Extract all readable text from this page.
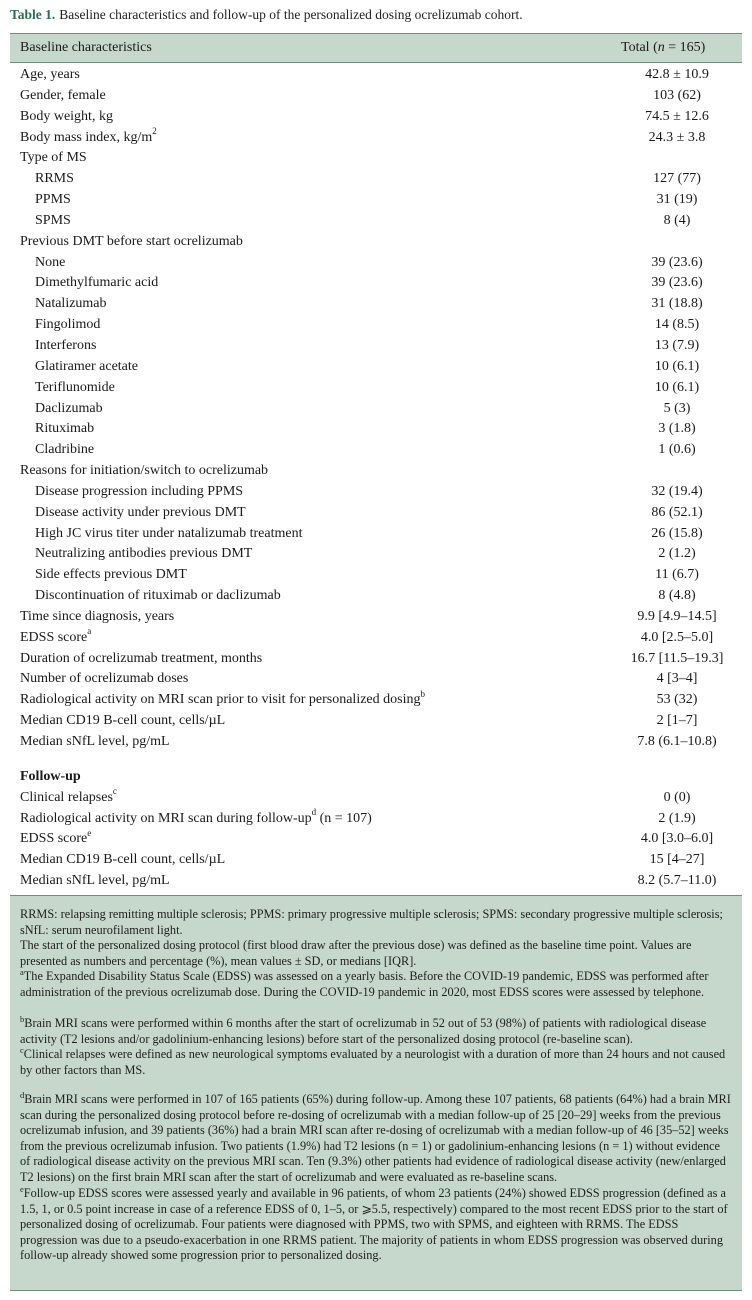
Table 1. Baseline characteristics and follow-up of the personalized dosing ocrelizumab cohort.
Baseline characteristics	Total (n = 165)
Age, years	42.8 ± 10.9
Gender, female	103 (62)
Body weight, kg	74.5 ± 12.6
Body mass index, $kg/m^2$	24.3 ± 3.8
Type of MS
RRMS	127 (77)
PPMS	31 (19)
SPMS	8 (4)
Previous DMT before start ocrelizumab
None	39 (23.6)
Dimethylfumaric acid	39 (23.6)
Natalizumab	31 (18.8)
Fingolimod	14 (8.5)
Interferons	13 (7.9)
Glatiramer acetate	10 (6.1)
Teriflunomide	10 (6.1)
Daclizumab	5 (3)
Rituximab	3 (1.8)
Cladribine	1 (0.6)
Reasons for initiation/switch to ocrelizumab
Disease progression including PPMS	32 (19.4)
Disease activity under previous DMT	86 (52.1)
High JC virus titer under natalizumab treatment	26 (15.8)
Neutralizing antibodies previous DMT	2 (1.2)
Side effects previous DMT	11 (6.7)
Discontinuation of rituximab or daclizumab	8 (4.8)
Time since diagnosis, years	9.9 [4.9–14.5]
EDSS score$^a$	4.0 [2.5–5.0]
Duration of ocrelizumab treatment, months	16.7 [11.5–19.3]
Number of ocrelizumab doses	4 [3–4]
Radiological activity on MRI scan prior to visit for personalized dosing$^b$	53 (32)
Median CD19 B-cell count, cells/µL	2 [1–7]
Median sNfL level, pg/mL	7.8 (6.1–10.8)
Follow-up
Clinical relapses$^c$	0 (0)
Radiological activity on MRI scan during follow-$up^d$ (n = 107)	2 (1.9)
EDSS score$^e$	4.0 [3.0–6.0]
Median CD19 B-cell count, cells/µL	15 [4–27]
Median sNfL level, pg/mL	8.2 (5.7–11.0)
RRMS: relapsing remitting multiple sclerosis; PPMS: primary progressive multiple sclerosis; SPMS: secondary progressive multiple sclerosis; sNfL: serum neurofilament light.
The start of the personalized dosing protocol (first blood draw after the previous dose) was defined as the baseline time point. Values are presented as numbers and percentage (%), mean values ± SD, or medians [IQR].
$^a$The Expanded Disability Status Scale (EDSS) was assessed on a yearly basis. Before the COVID-19 pandemic, EDSS was performed after administration of the previous ocrelizumab dose. During the COVID-19 pandemic in 2020, most EDSS scores were assessed by telephone.
$^b$Brain MRI scans were performed within 6 months after the start of ocrelizumab in 52 out of 53 (98%) of patients with radiological disease activity (T2 lesions and/or gadolinium-enhancing lesions) before start of the personalized dosing protocol (re-baseline scan).
$^c$Clinical relapses were defined as new neurological symptoms evaluated by a neurologist with a duration of more than 24 hours and not caused by other factors than MS.
$^d$Brain MRI scans were performed in 107 of 165 patients (65%) during follow-up. Among these 107 patients, 68 patients (64%) had a brain MRI scan during the personalized dosing protocol before re-dosing of ocrelizumab with a median follow-up of 25 [20–29] weeks from the previous ocrelizumab infusion, and 39 patients (36%) had a brain MRI scan after re-dosing of ocrelizumab with a median follow-up of 46 [35–52] weeks from the previous ocrelizumab infusion. Two patients (1.9%) had T2 lesions (n = 1) or gadolinium-enhancing lesions (n = 1) without evidence of radiological disease activity on the previous MRI scan. Ten (9.3%) other patients had evidence of radiological disease activity (new/enlarged T2 lesions) on the first brain MRI scan after the start of ocrelizumab and were evaluated as re-baseline scans.
$^e$Follow-up EDSS scores were assessed yearly and available in 96 patients, of whom 23 patients (24%) showed EDSS progression (defined as a 1.5, 1, or 0.5 point increase in case of a reference EDSS of 0, 1–5, or ⩾5.5, respectively) compared to the most recent EDSS prior to the start of personalized dosing of ocrelizumab. Four patients were diagnosed with PPMS, two with SPMS, and eighteen with RRMS. The EDSS progression was due to a pseudo-exacerbation in one RRMS patient. The majority of patients in whom EDSS progression was observed during follow-up already showed some progression prior to personalized dosing.
